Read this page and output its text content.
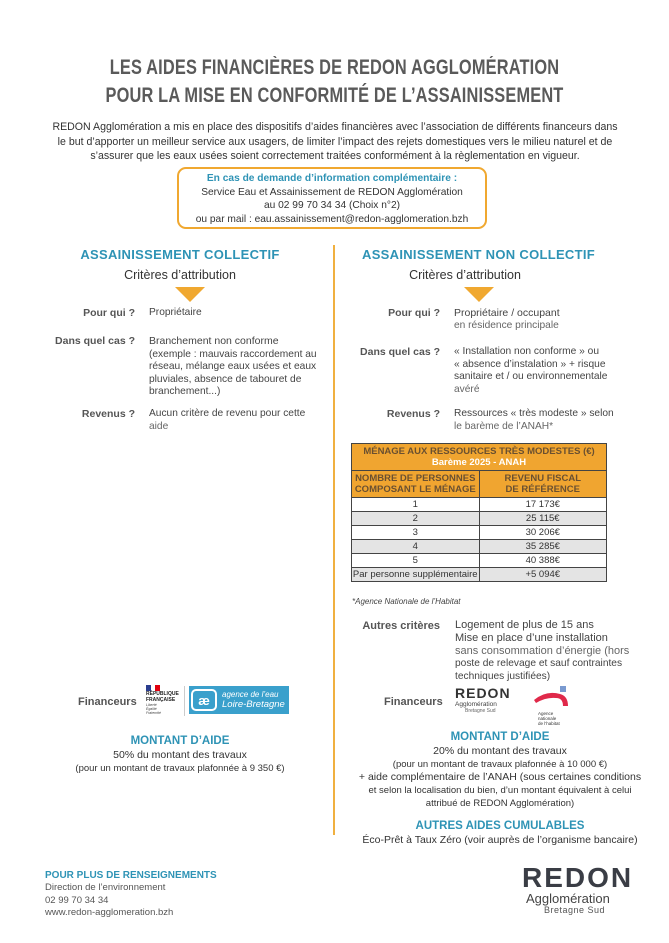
LES AIDES FINANCIÈRES DE REDON AGGLOMÉRATION
POUR LA MISE EN CONFORMITÉ DE L’ASSAINISSEMENT
REDON Agglomération a mis en place des dispositifs d’aides financières avec l’association de différents financeurs dans
le but d’apporter un meilleur service aux usagers, de limiter l’impact des rejets domestiques vers le milieu naturel et de
s’assurer que les eaux usées soient correctement traitées conformément à la règlementation en vigueur.
En cas de demande d’information complémentaire :
Service Eau et Assainissement de REDON Agglomération
au 02 99 70 34 34 (Choix n°2)
ou par mail : eau.assainissement@redon-agglomeration.bzh
ASSAINISSEMENT COLLECTIF
Critères d’attribution
Pour qui ? Propriétaire
Dans quel cas ? Branchement non conforme
(exemple : mauvais raccordement au
réseau, mélange eaux usées et eaux
pluviales, absence de tabouret de
branchement...)
Revenus ? Aucun critère de revenu pour cette
aide
Financeurs
RÉPUBLIQUE
FRANÇAISE
Liberté
Égalité
Fraternité
æ	agence de l’eau
Loire-Bretagne
MONTANT D’AIDE
50% du montant des travaux
(pour un montant de travaux plafonnée à 9 350 €)
ASSAINISSEMENT NON COLLECTIF
Critères d’attribution
Pour qui ? Propriétaire / occupant
en résidence principale
Dans quel cas ? « Installation non conforme » ou
« absence d’instalation » + risque
sanitaire et / ou environnementale
avéré
Revenus ? Ressources « très modeste » selon
le barème de l’ANAH*
MÉNAGE AUX RESSOURCES TRÈS MODESTES (€)
Barème 2025 - ANAH	

NOMBRE DE PERSONNES
COMPOSANT LE MÉNAGE

REVENU FISCAL
DE RÉFÉRENCE

1	17 173€
2	25 115€
3	30 206€
4	35 285€
5	40 388€
Par personne supplémentaire	+5 094€
*Agence Nationale de l’Habitat
Autres critères Logement de plus de 15 ans
Mise en place d’une installation
sans consommation d’énergie (hors
poste de relevage et sauf contraintes
techniques justifiées)
Financeurs
REDON
Agglomération
Bretagne Sud	Agence
nationale
de l’habitat
MONTANT D’AIDE
20% du montant des travaux
(pour un montant de travaux plafonnée à 10 000 €)
+ aide complémentaire de l’ANAH (sous certaines conditions
et selon la localisation du bien, d’un montant équivalent à celui
attribué de REDON Agglomération)
AUTRES AIDES CUMULABLES
Éco-Prêt à Taux Zéro (voir auprès de l’organisme bancaire)
POUR PLUS DE RENSEIGNEMENTS
Direction de l’environnement
02 99 70 34 34
www.redon-agglomeration.bzh
REDON
Agglomération
Bretagne Sud
